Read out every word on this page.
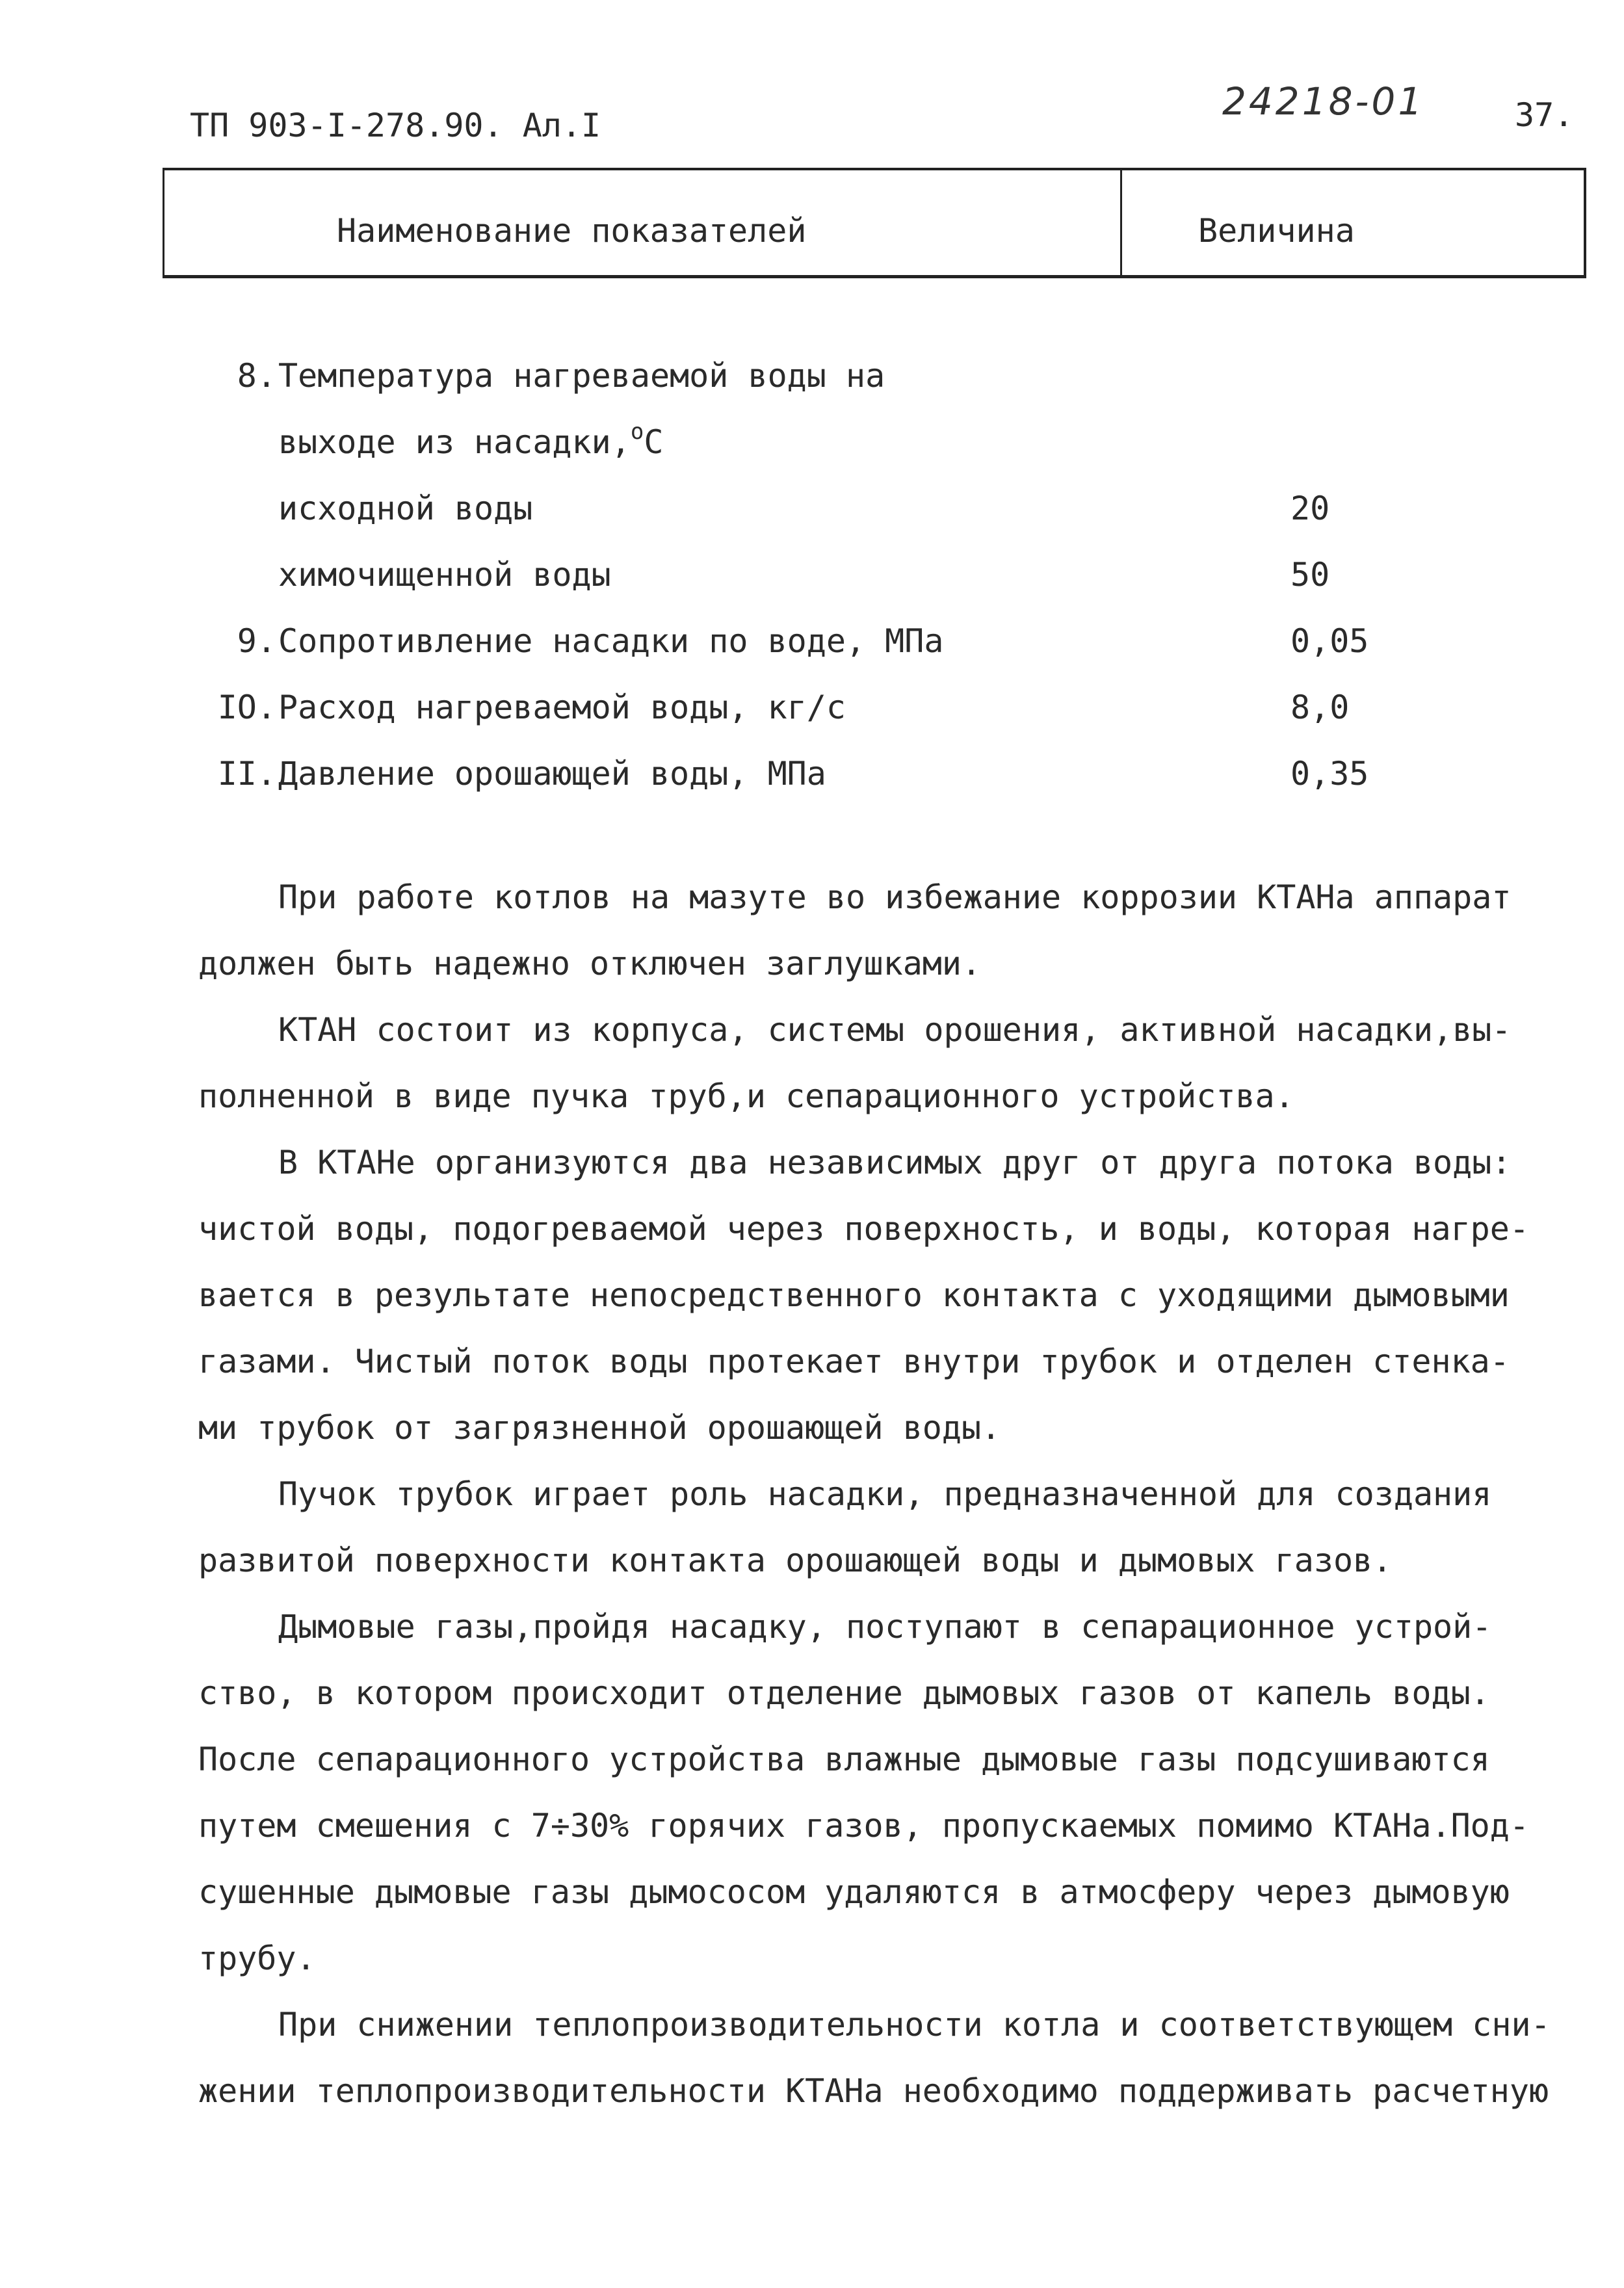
ТП 903-I-278.90. Ал.I
24218-01	37.
Наименование показателей	Величина
8. Температура нагреваемой воды на
выходе из насадки,$^о$С
исходной воды	20
химочищенной воды	50
9. Сопротивление насадки по воде, МПа	0,05
IO. Расход нагреваемой воды, кг/с	8,0
II. Давление орошающей воды, МПа	0,35
При работе котлов на мазуте во избежание коррозии КТАНа аппарат
должен быть надежно отключен заглушками.
КТАН состоит из корпуса, системы орошения, активной насадки,вы-
полненной в виде пучка труб,и сепарационного устройства.
В КТАНе организуются два независимых друг от друга потока воды:
чистой воды, подогреваемой через поверхность, и воды, которая нагре-
вается в результате непосредственного контакта с уходящими дымовыми
газами. Чистый поток воды протекает внутри трубок и отделен стенка-
ми трубок от загрязненной орошающей воды.
Пучок трубок играет роль насадки, предназначенной для создания
развитой поверхности контакта орошающей воды и дымовых газов.
Дымовые газы,пройдя насадку, поступают в сепарационное устрой-
ство, в котором происходит отделение дымовых газов от капель воды.
После сепарационного устройства влажные дымовые газы подсушиваются
путем смешения с 7÷30% горячих газов, пропускаемых помимо КТАНа.Под-
сушенные дымовые газы дымососом удаляются в атмосферу через дымовую
трубу.
При снижении теплопроизводительности котла и соответствующем сни-
жении теплопроизводительности КТАНа необходимо поддерживать расчетную
